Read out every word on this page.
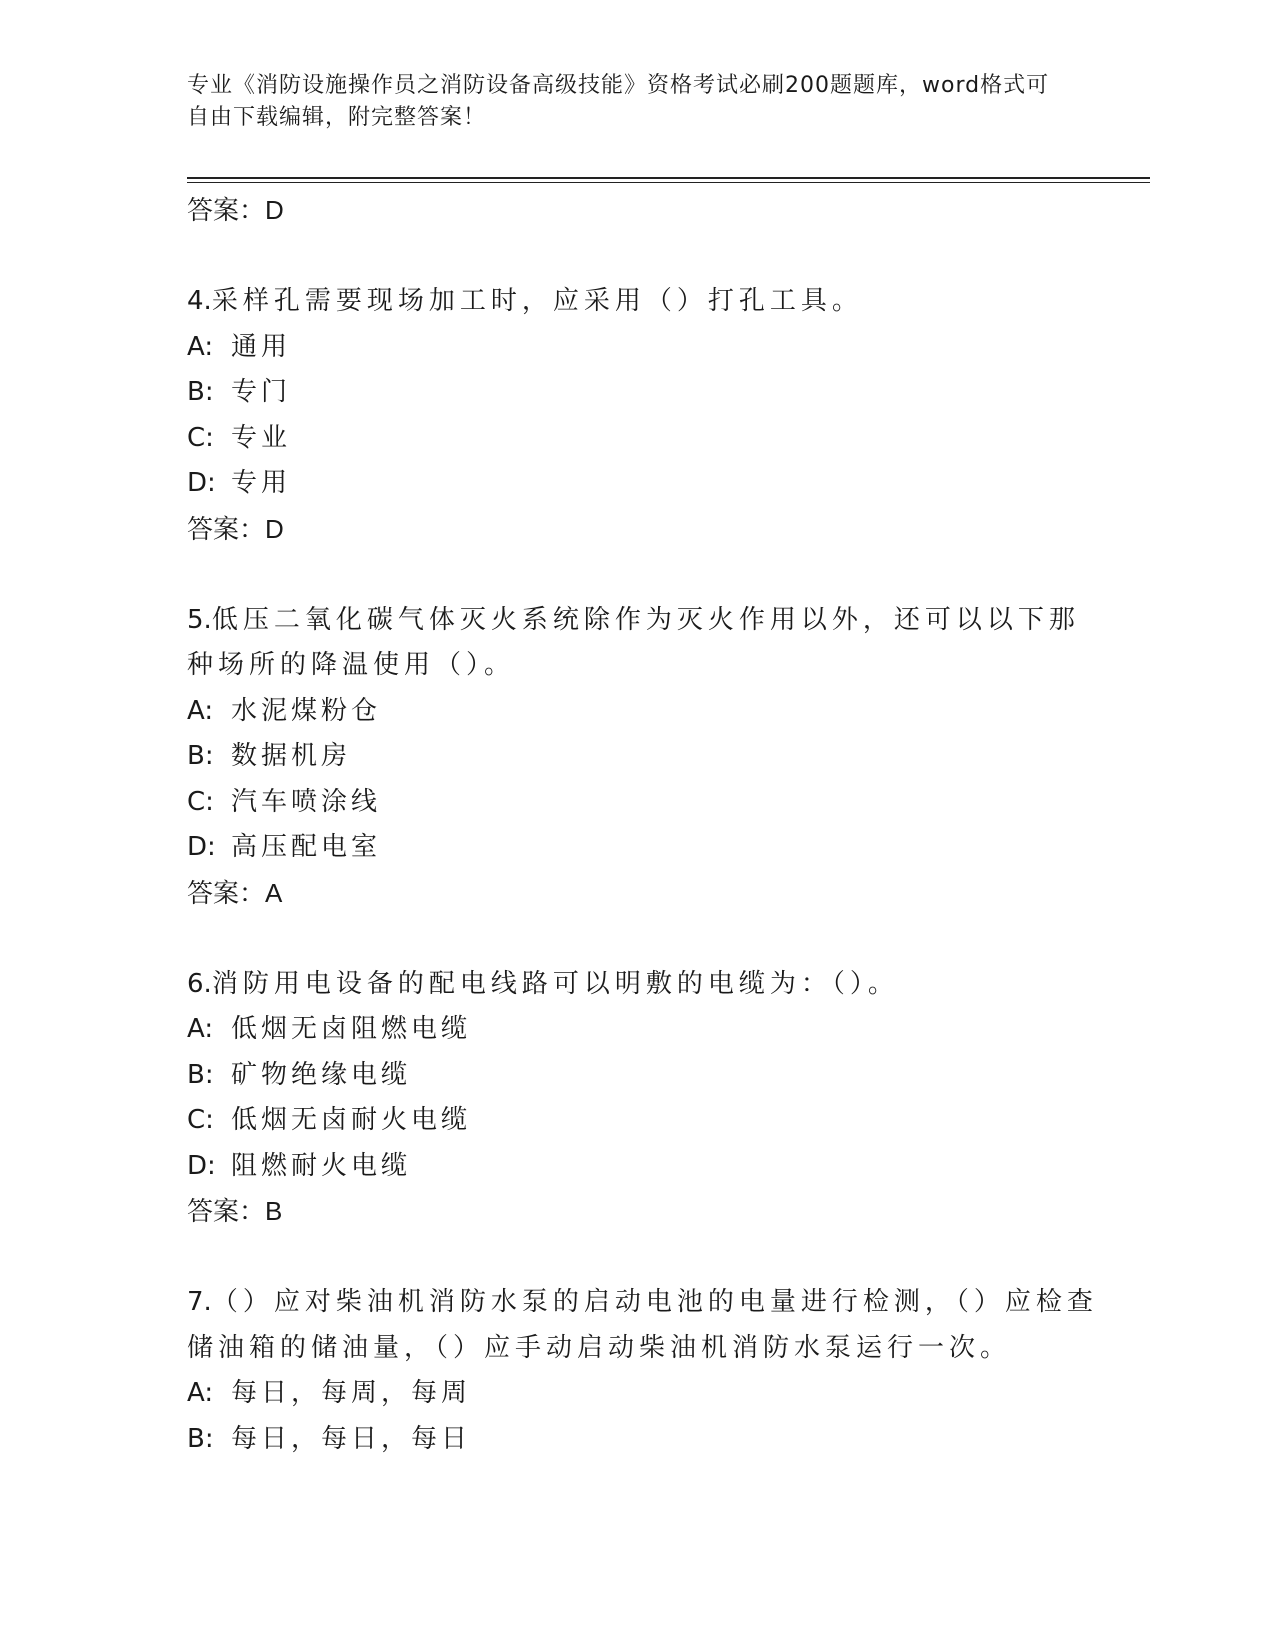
专业《消防设施操作员之消防设备高级技能》资格考试必刷200题题库，word格式可自由下载编辑，附完整答案！
答案：D
4.采样孔需要现场加工时，应采用（）打孔工具。
A: 通用
B: 专门
C: 专业
D: 专用
答案：D
5.低压二氧化碳气体灭火系统除作为灭火作用以外，还可以以下那种场所的降温使用（）。
A: 水泥煤粉仓
B: 数据机房
C: 汽车喷涂线
D: 高压配电室
答案：A
6.消防用电设备的配电线路可以明敷的电缆为：（）。
A: 低烟无卤阻燃电缆
B: 矿物绝缘电缆
C: 低烟无卤耐火电缆
D: 阻燃耐火电缆
答案：B
7.（）应对柴油机消防水泵的启动电池的电量进行检测，（）应检查储油箱的储油量，（）应手动启动柴油机消防水泵运行一次。
A: 每日，每周，每周
B: 每日，每日，每日
